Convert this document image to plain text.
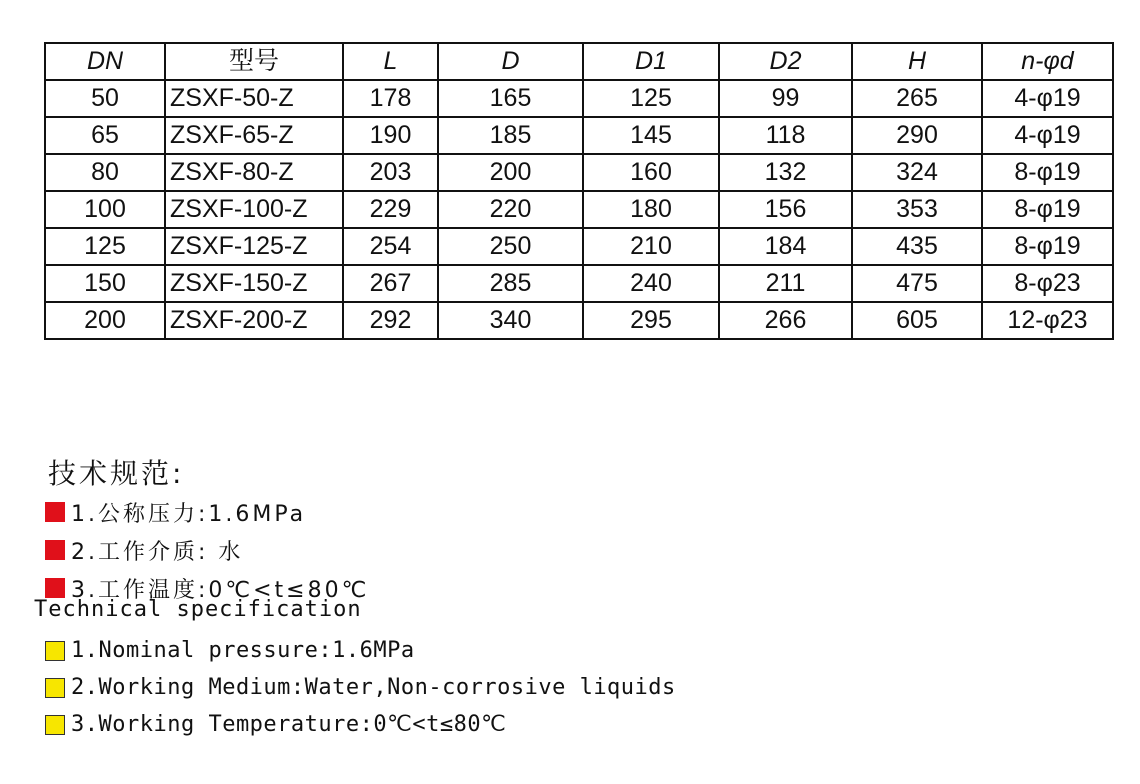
DN	型号	L	D	D1	D2	H	n-φd
50	ZSXF-50-Z	178	165	125	99	265	4-φ19
65	ZSXF-65-Z	190	185	145	118	290	4-φ19
80	ZSXF-80-Z	203	200	160	132	324	8-φ19
100	ZSXF-100-Z	229	220	180	156	353	8-φ19
125	ZSXF-125-Z	254	250	210	184	435	8-φ19
150	ZSXF-150-Z	267	285	240	211	475	8-φ23
200	ZSXF-200-Z	292	340	295	266	605	12-φ23
技术规范:
1.公称压力:1.6MPa
2.工作介质: 水
3.工作温度:0℃<t≤80℃
Technical specification
1.Nominal pressure:1.6MPa
2.Working Medium:Water,Non-corrosive liquids
3.Working Temperature:0℃<t≤80℃
